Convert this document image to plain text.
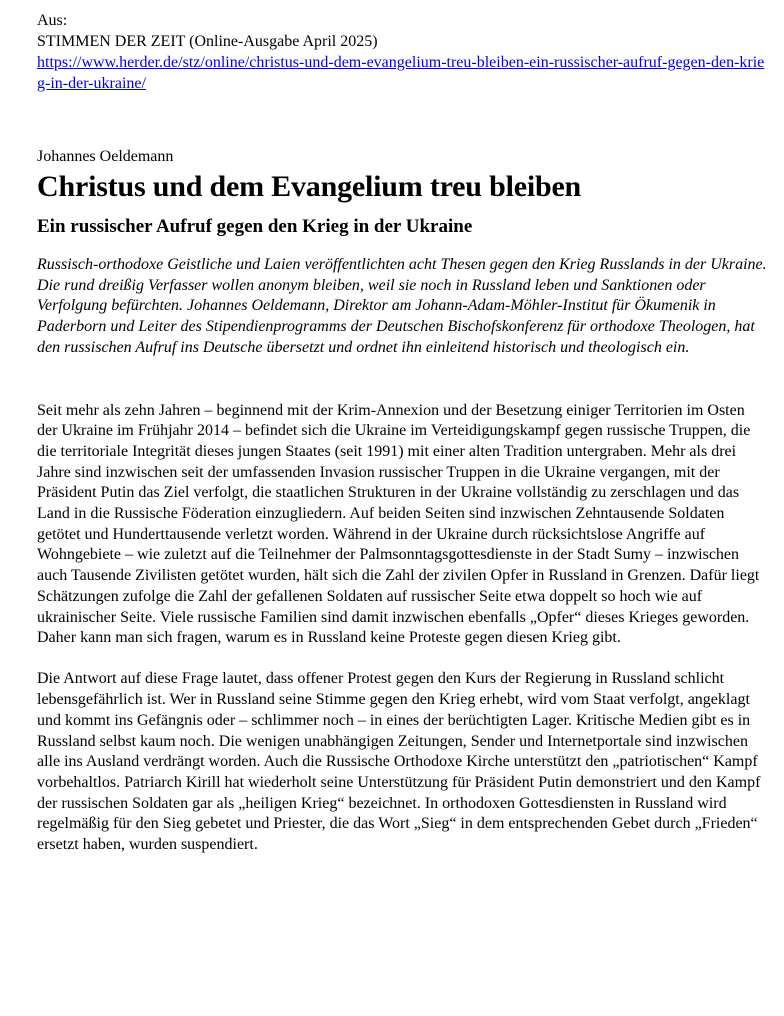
Aus:
STIMMEN DER ZEIT (Online-Ausgabe April 2025)
https://www.herder.de/stz/online/christus-und-dem-evangelium-treu-bleiben-ein-russischer-aufruf-gegen-den-krieg-in-der-ukraine/
Johannes Oeldemann
Christus und dem Evangelium treu bleiben
Ein russischer Aufruf gegen den Krieg in der Ukraine
Russisch-orthodoxe Geistliche und Laien veröffentlichten acht Thesen gegen den Krieg Russlands in der Ukraine. Die rund dreißig Verfasser wollen anonym bleiben, weil sie noch in Russland leben und Sanktionen oder Verfolgung befürchten. Johannes Oeldemann, Direktor am Johann-Adam-Möhler-Institut für Ökumenik in Paderborn und Leiter des Stipendienprogramms der Deutschen Bischofskonferenz für orthodoxe Theologen, hat den russischen Aufruf ins Deutsche übersetzt und ordnet ihn einleitend historisch und theologisch ein.
Seit mehr als zehn Jahren – beginnend mit der Krim-Annexion und der Besetzung einiger Territorien im Osten der Ukraine im Frühjahr 2014 – befindet sich die Ukraine im Verteidigungskampf gegen russische Truppen, die die territoriale Integrität dieses jungen Staates (seit 1991) mit einer alten Tradition untergraben. Mehr als drei Jahre sind inzwischen seit der umfassenden Invasion russischer Truppen in die Ukraine vergangen, mit der Präsident Putin das Ziel verfolgt, die staatlichen Strukturen in der Ukraine vollständig zu zerschlagen und das Land in die Russische Föderation einzugliedern. Auf beiden Seiten sind inzwischen Zehntausende Soldaten getötet und Hunderttausende verletzt worden. Während in der Ukraine durch rücksichtslose Angriffe auf Wohngebiete – wie zuletzt auf die Teilnehmer der Palmsonntagsgottesdienste in der Stadt Sumy – inzwischen auch Tausende Zivilisten getötet wurden, hält sich die Zahl der zivilen Opfer in Russland in Grenzen. Dafür liegt Schätzungen zufolge die Zahl der gefallenen Soldaten auf russischer Seite etwa doppelt so hoch wie auf ukrainischer Seite. Viele russische Familien sind damit inzwischen ebenfalls „Opfer“ dieses Krieges geworden. Daher kann man sich fragen, warum es in Russland keine Proteste gegen diesen Krieg gibt.
Die Antwort auf diese Frage lautet, dass offener Protest gegen den Kurs der Regierung in Russland schlicht lebensgefährlich ist. Wer in Russland seine Stimme gegen den Krieg erhebt, wird vom Staat verfolgt, angeklagt und kommt ins Gefängnis oder – schlimmer noch – in eines der berüchtigten Lager. Kritische Medien gibt es in Russland selbst kaum noch. Die wenigen unabhängigen Zeitungen, Sender und Internetportale sind inzwischen alle ins Ausland verdrängt worden. Auch die Russische Orthodoxe Kirche unterstützt den „patriotischen“ Kampf vorbehaltlos. Patriarch Kirill hat wiederholt seine Unterstützung für Präsident Putin demonstriert und den Kampf der russischen Soldaten gar als „heiligen Krieg“ bezeichnet. In orthodoxen Gottesdiensten in Russland wird regelmäßig für den Sieg gebetet und Priester, die das Wort „Sieg“ in dem entsprechenden Gebet durch „Frieden“ ersetzt haben, wurden suspendiert.
